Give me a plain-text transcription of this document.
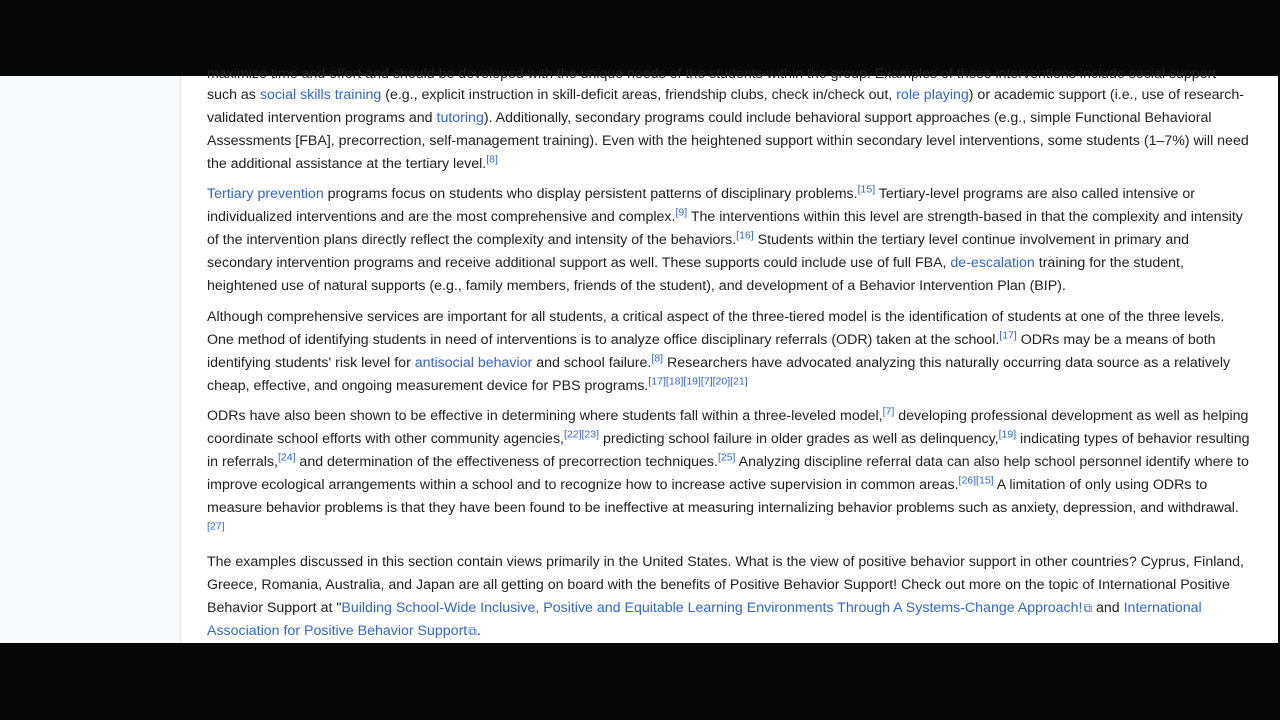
maximize time and effort and should be developed with the unique needs of the students within the group. Examples of these interventions include social support

such as social skills training (e.g., explicit instruction in skill-deficit areas, friendship clubs, check in/check out, role playing) or academic support (i.e., use of research-validated intervention programs and tutoring). Additionally, secondary programs could include behavioral support approaches (e.g., simple Functional Behavioral Assessments [FBA], precorrection, self-management training). Even with the heightened support within secondary level interventions, some students (1–7%) will need the additional assistance at the tertiary level.[8]

Tertiary prevention programs focus on students who display persistent patterns of disciplinary problems.[15] Tertiary-level programs are also called intensive or individualized interventions and are the most comprehensive and complex.[9] The interventions within this level are strength-based in that the complexity and intensity of the intervention plans directly reflect the complexity and intensity of the behaviors.[16] Students within the tertiary level continue involvement in primary and secondary intervention programs and receive additional support as well. These supports could include use of full FBA, de-escalation training for the student, heightened use of natural supports (e.g., family members, friends of the student), and development of a Behavior Intervention Plan (BIP).

Although comprehensive services are important for all students, a critical aspect of the three-tiered model is the identification of students at one of the three levels. One method of identifying students in need of interventions is to analyze office disciplinary referrals (ODR) taken at the school.[17] ODRs may be a means of both identifying students' risk level for antisocial behavior and school failure.[8] Researchers have advocated analyzing this naturally occurring data source as a relatively cheap, effective, and ongoing measurement device for PBS programs.[17][18][19][7][20][21]

ODRs have also been shown to be effective in determining where students fall within a three-leveled model,[7] developing professional development as well as helping coordinate school efforts with other community agencies,[22][23] predicting school failure in older grades as well as delinquency,[19] indicating types of behavior resulting in referrals,[24] and determination of the effectiveness of precorrection techniques.[25] Analyzing discipline referral data can also help school personnel identify where to improve ecological arrangements within a school and to recognize how to increase active supervision in common areas.[26][15] A limitation of only using ODRs to measure behavior problems is that they have been found to be ineffective at measuring internalizing behavior problems such as anxiety, depression, and withdrawal.[27]

The examples discussed in this section contain views primarily in the United States. What is the view of positive behavior support in other countries? Cyprus, Finland, Greece, Romania, Australia, and Japan are all getting on board with the benefits of Positive Behavior Support! Check out more on the topic of International Positive Behavior Support at "Building School-Wide Inclusive, Positive and Equitable Learning Environments Through A Systems-Change Approach!⧉ and International Association for Positive Behavior Support⧉.
